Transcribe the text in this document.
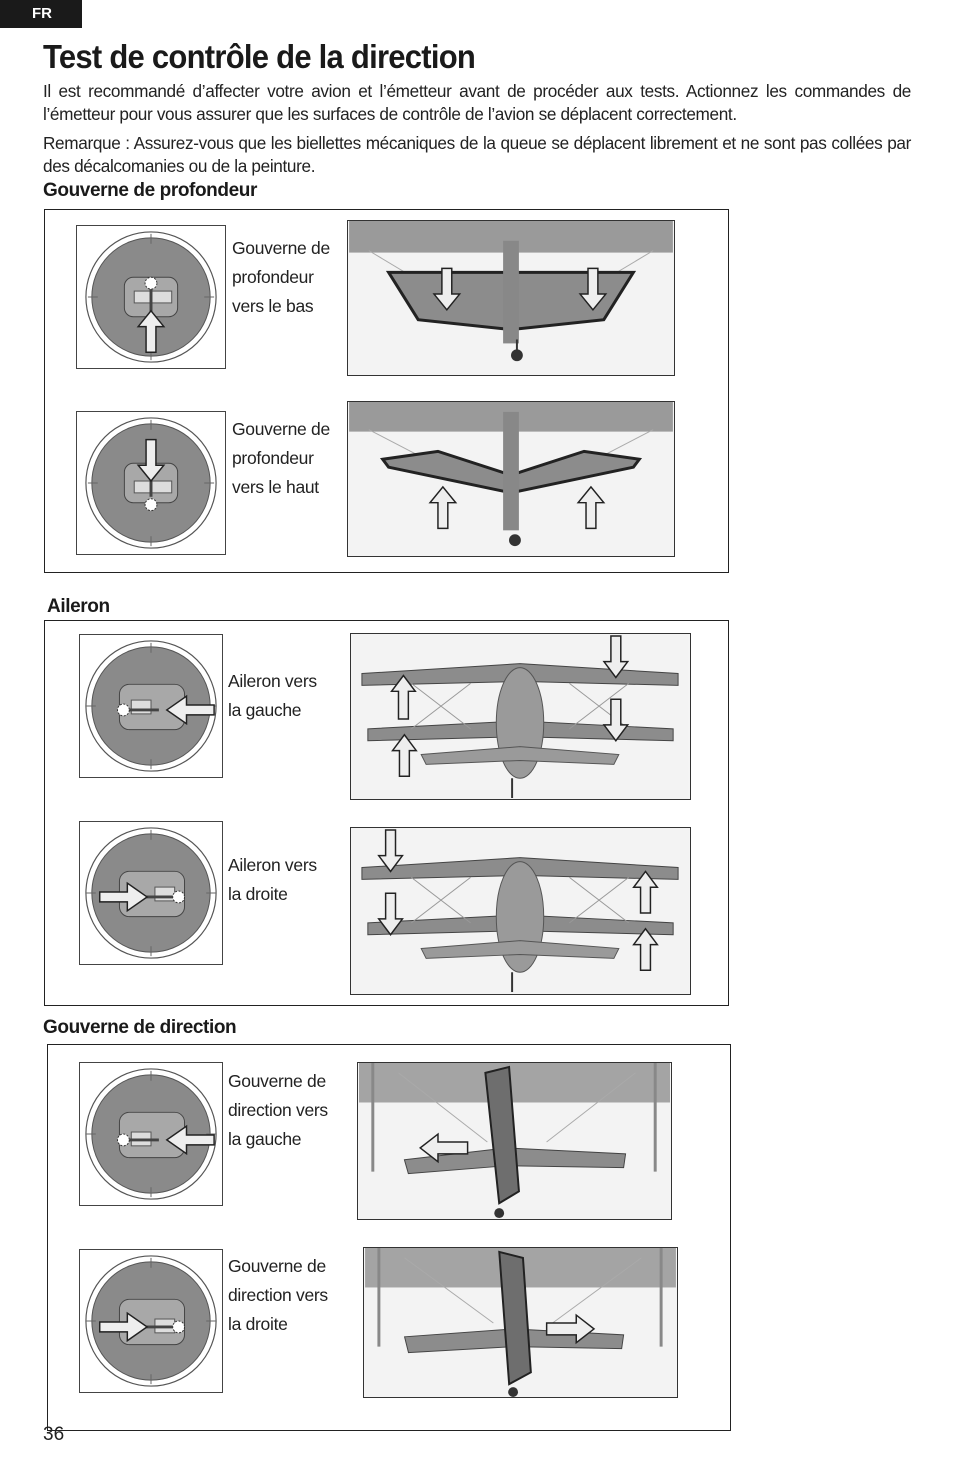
FR
Test de contrôle de la direction

Il est recommandé d’affecter votre avion et l’émetteur avant de procéder aux tests. Actionnez les commandes de l’émetteur pour vous assurer que les surfaces de contrôle de l’avion se déplacent correctement.

Remarque : Assurez-vous que les biellettes mécaniques de la queue se déplacent librement et ne sont pas collées par des décalcomanies ou de la peinture.

Gouverne de profondeur

Gouverne de
profondeur
vers le bas

Gouverne de
profondeur
vers le haut

Aileron

Aileron vers
la gauche

Aileron vers
la droite

Gouverne de direction

Gouverne de
direction vers
la gauche

Gouverne de
direction vers
la droite

36
